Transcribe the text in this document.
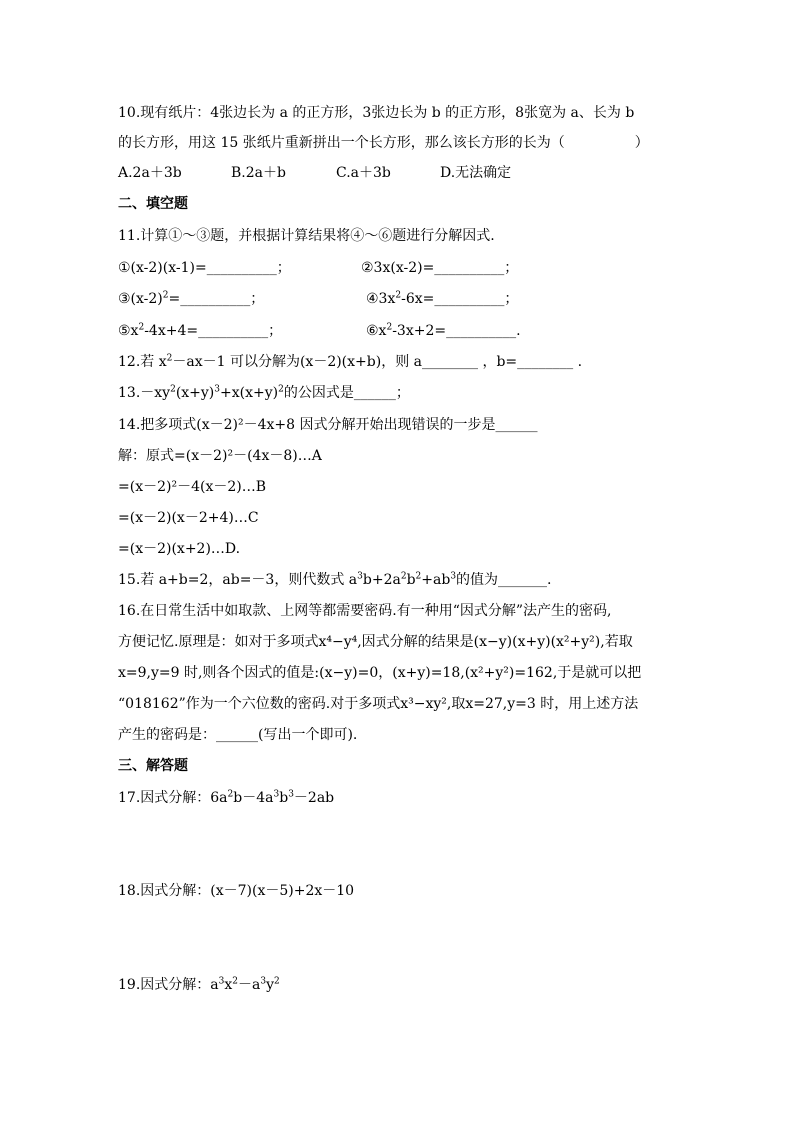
10.现有纸片：4张边长为 a 的正方形，3张边长为 b 的正方形，8张宽为 a、长为 b
的长方形，用这 15 张纸片重新拼出一个长方形，那么该长方形的长为（　　　　　）
A.2a＋3b	B.2a＋b	C.a＋3b	D.无法确定
二、填空题
11.计算①～③题，并根据计算结果将④～⑥题进行分解因式.
①(x-2)(x-1)=__________；	②3x(x-2)=__________；
$③(x-2)^2=\_\_\_\_\_\_\_\_\_\_$；	$④3x^2-6x=\_\_\_\_\_\_\_\_\_\_$；
$⑤x^2-4x+4=\_\_\_\_\_\_\_\_\_\_$；	$⑥x^2-3x+2=\_\_\_\_\_\_\_\_\_\_$.
12.若 $x^2-ax-1$ 可以分解为(x－2)(x+b)，则 a________ ，b=________ .
$13.-xy^2(x+y)^3+x(x+y)^2$的公因式是______；
14.把多项式(x－2)²－4x+8 因式分解开始出现错误的一步是______
解：原式=(x－2)²－(4x－8)…A
=(x－2)²－4(x－2)…B
=(x－2)(x－2+4)…C
=(x－2)(x+2)…D.
15.若 a+b=2，ab=－3，则代数式 $a^3b+2a^2b^2+ab^3$的值为_______.
16.在日常生活中如取款、上网等都需要密码.有一种用“因式分解”法产生的密码,
方便记忆.原理是：如对于多项式x⁴−y⁴,因式分解的结果是(x−y)(x+y)(x²+y²),若取
x=9,y=9 时,则各个因式的值是:(x−y)=0，(x+y)=18,(x²+y²)=162,于是就可以把
“018162”作为一个六位数的密码.对于多项式x³−xy²,取x=27,y=3 时，用上述方法
产生的密码是：______(写出一个即可).
三、解答题
17.因式分解：$6a^2b-4a^3b^3-2ab$
18.因式分解：(x－7)(x－5)+2x－10
19.因式分解：$a^3x^2-a^3y^2$
